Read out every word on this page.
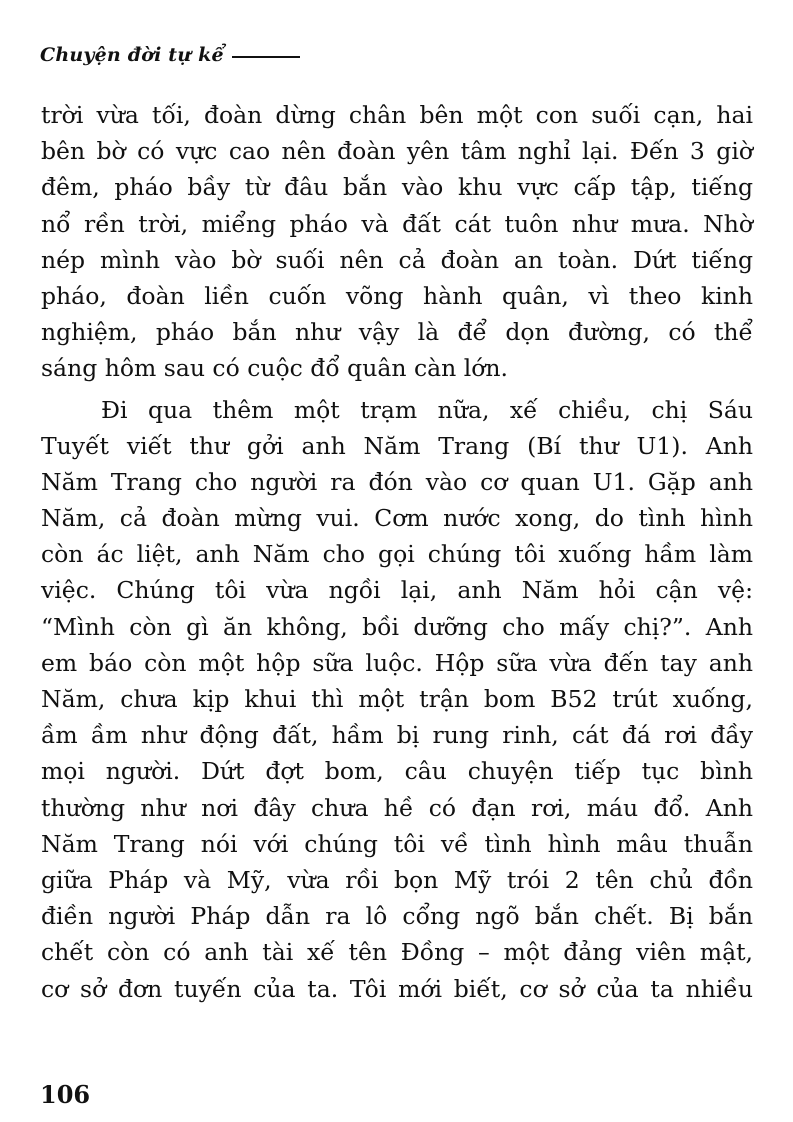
Chuyện đời tự kể
trời vừa tối, đoàn dừng chân bên một con suối cạn, hai
bên bờ có vực cao nên đoàn yên tâm nghỉ lại. Đến 3 giờ
đêm, pháo bầy từ đâu bắn vào khu vực cấp tập, tiếng
nổ rền trời, miểng pháo và đất cát tuôn như mưa. Nhờ
nép mình vào bờ suối nên cả đoàn an toàn. Dứt tiếng
pháo, đoàn liền cuốn võng hành quân, vì theo kinh
nghiệm, pháo bắn như vậy là để dọn đường, có thể
sáng hôm sau có cuộc đổ quân càn lớn.
Đi qua thêm một trạm nữa, xế chiều, chị Sáu
Tuyết viết thư gởi anh Năm Trang (Bí thư U1). Anh
Năm Trang cho người ra đón vào cơ quan U1. Gặp anh
Năm, cả đoàn mừng vui. Cơm nước xong, do tình hình
còn ác liệt, anh Năm cho gọi chúng tôi xuống hầm làm
việc. Chúng tôi vừa ngồi lại, anh Năm hỏi cận vệ:
“Mình còn gì ăn không, bồi dưỡng cho mấy chị?”. Anh
em báo còn một hộp sữa luộc. Hộp sữa vừa đến tay anh
Năm, chưa kịp khui thì một trận bom B52 trút xuống,
ầm ầm như động đất, hầm bị rung rinh, cát đá rơi đầy
mọi người. Dứt đợt bom, câu chuyện tiếp tục bình
thường như nơi đây chưa hề có đạn rơi, máu đổ. Anh
Năm Trang nói với chúng tôi về tình hình mâu thuẫn
giữa Pháp và Mỹ, vừa rồi bọn Mỹ trói 2 tên chủ đồn
điền người Pháp dẫn ra lô cổng ngõ bắn chết. Bị bắn
chết còn có anh tài xế tên Đồng – một đảng viên mật,
cơ sở đơn tuyến của ta. Tôi mới biết, cơ sở của ta nhiều
106
